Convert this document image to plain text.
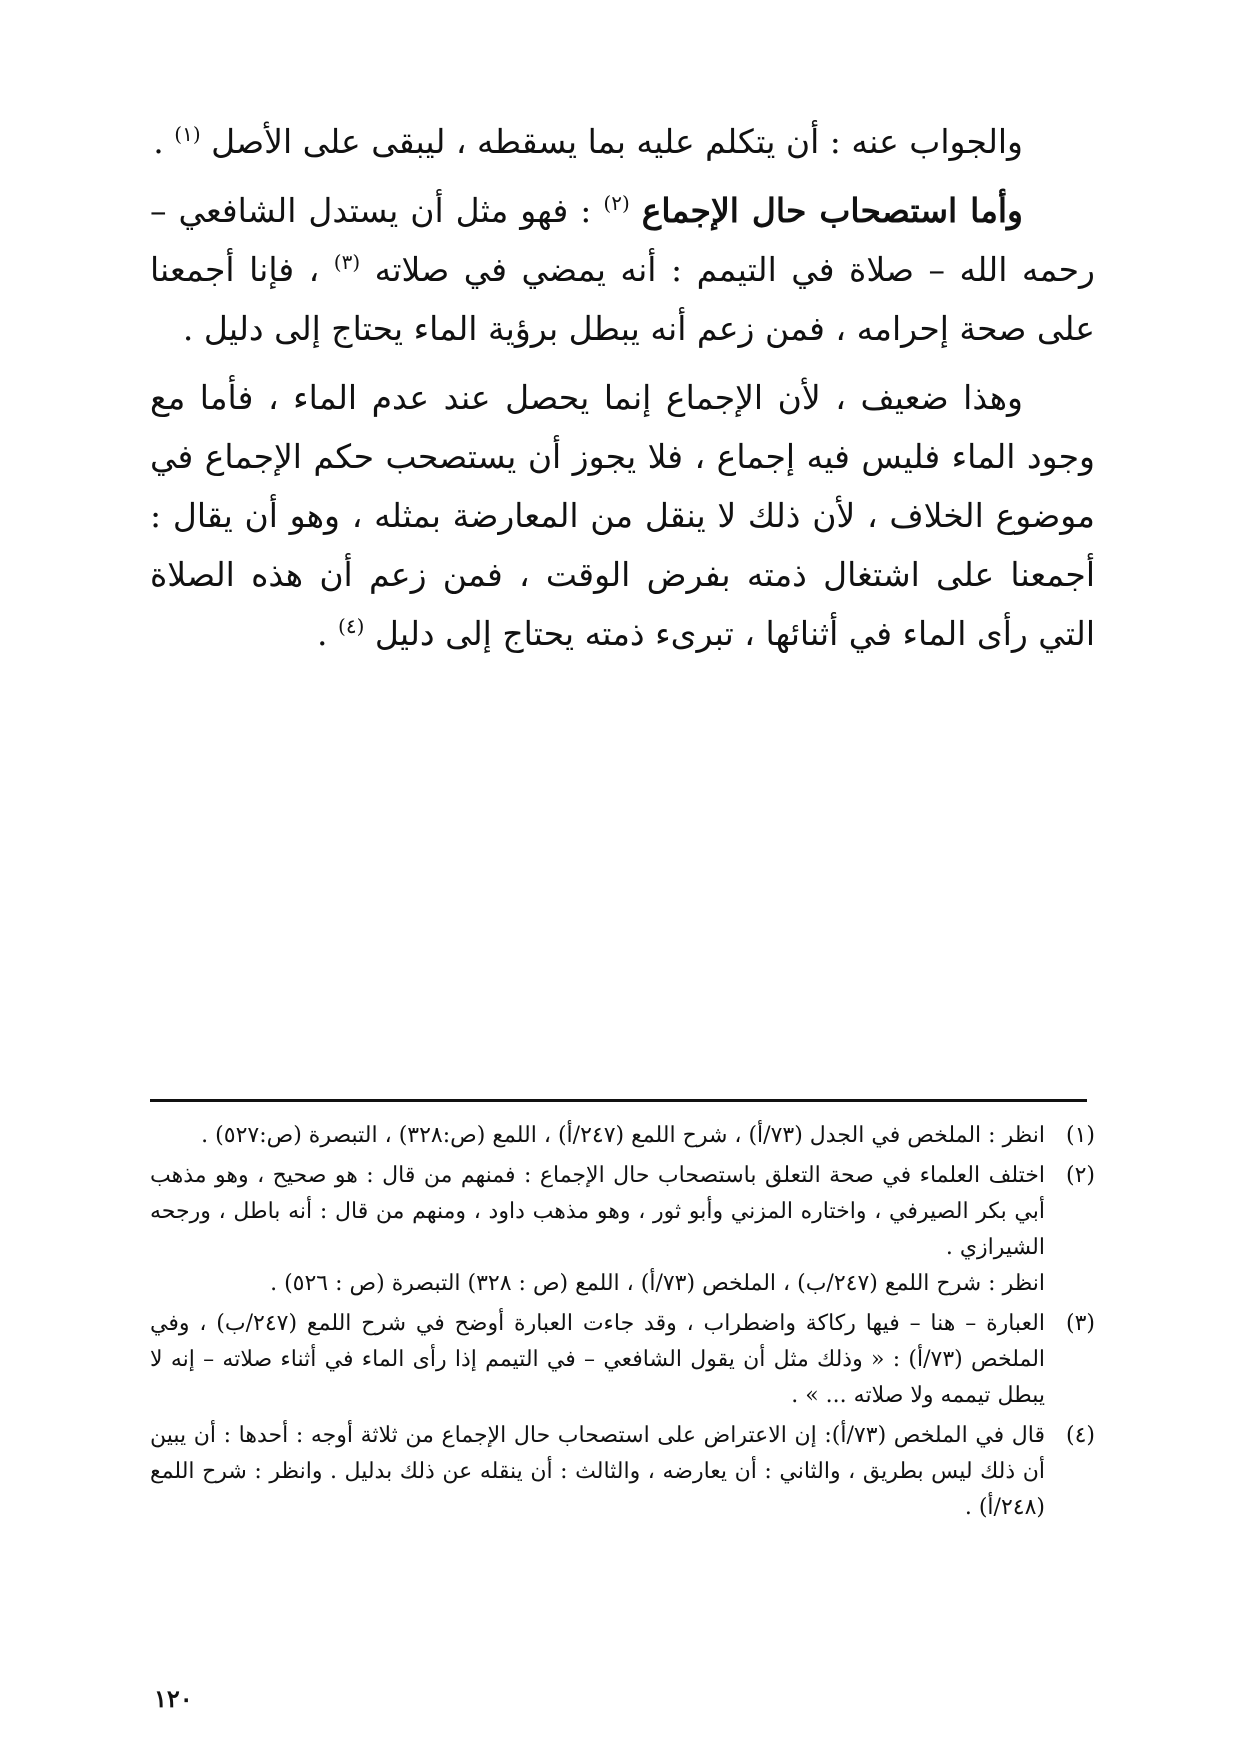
والجواب عنه : أن يتكلم عليه بما يسقطه ، ليبقى على الأصل $^{(١)}$ .

وأما استصحاب حال الإجماع $^{(٢)}$ : فهو مثل أن يستدل الشافعي – رحمه الله – صلاة في التيمم : أنه يمضي في صلاته $^{(٣)}$ ، فإنا أجمعنا على صحة إحرامه ، فمن زعم أنه يبطل برؤية الماء يحتاج إلى دليل .

وهذا ضعيف ، لأن الإجماع إنما يحصل عند عدم الماء ، فأما مع وجود الماء فليس فيه إجماع ، فلا يجوز أن يستصحب حكم الإجماع في موضوع الخلاف ، لأن ذلك لا ينقل من المعارضة بمثله ، وهو أن يقال : أجمعنا على اشتغال ذمته بفرض الوقت ، فمن زعم أن هذه الصلاة التي رأى الماء في أثنائها ، تبرىء ذمته يحتاج إلى دليل $^{(٤)}$ .

(١)

انظر : الملخص في الجدل (٧٣/أ) ، شرح اللمع (٢٤٧/أ) ، اللمع (ص:٣٢٨) ، التبصرة (ص:٥٢٧) .

(٢)

اختلف العلماء في صحة التعلق باستصحاب حال الإجماع : فمنهم من قال : هو صحيح ، وهو مذهب أبي بكر الصيرفي ، واختاره المزني وأبو ثور ، وهو مذهب داود ، ومنهم من قال : أنه باطل ، ورجحه الشيرازي .

انظر : شرح اللمع (٢٤٧/ب) ، الملخص (٧٣/أ) ، اللمع (ص : ٣٢٨) التبصرة (ص : ٥٢٦) .

(٣)

العبارة – هنا – فيها ركاكة واضطراب ، وقد جاءت العبارة أوضح في شرح اللمع (٢٤٧/ب) ، وفي الملخص (٧٣/أ) : « وذلك مثل أن يقول الشافعي – في التيمم إذا رأى الماء في أثناء صلاته – إنه لا يبطل تيممه ولا صلاته ... » .

(٤)

قال في الملخص (٧٣/أ): إن الاعتراض على استصحاب حال الإجماع من ثلاثة أوجه : أحدها : أن يبين أن ذلك ليس بطريق ، والثاني : أن يعارضه ، والثالث : أن ينقله عن ذلك بدليل . وانظر : شرح اللمع (٢٤٨/أ) .

١٢٠
